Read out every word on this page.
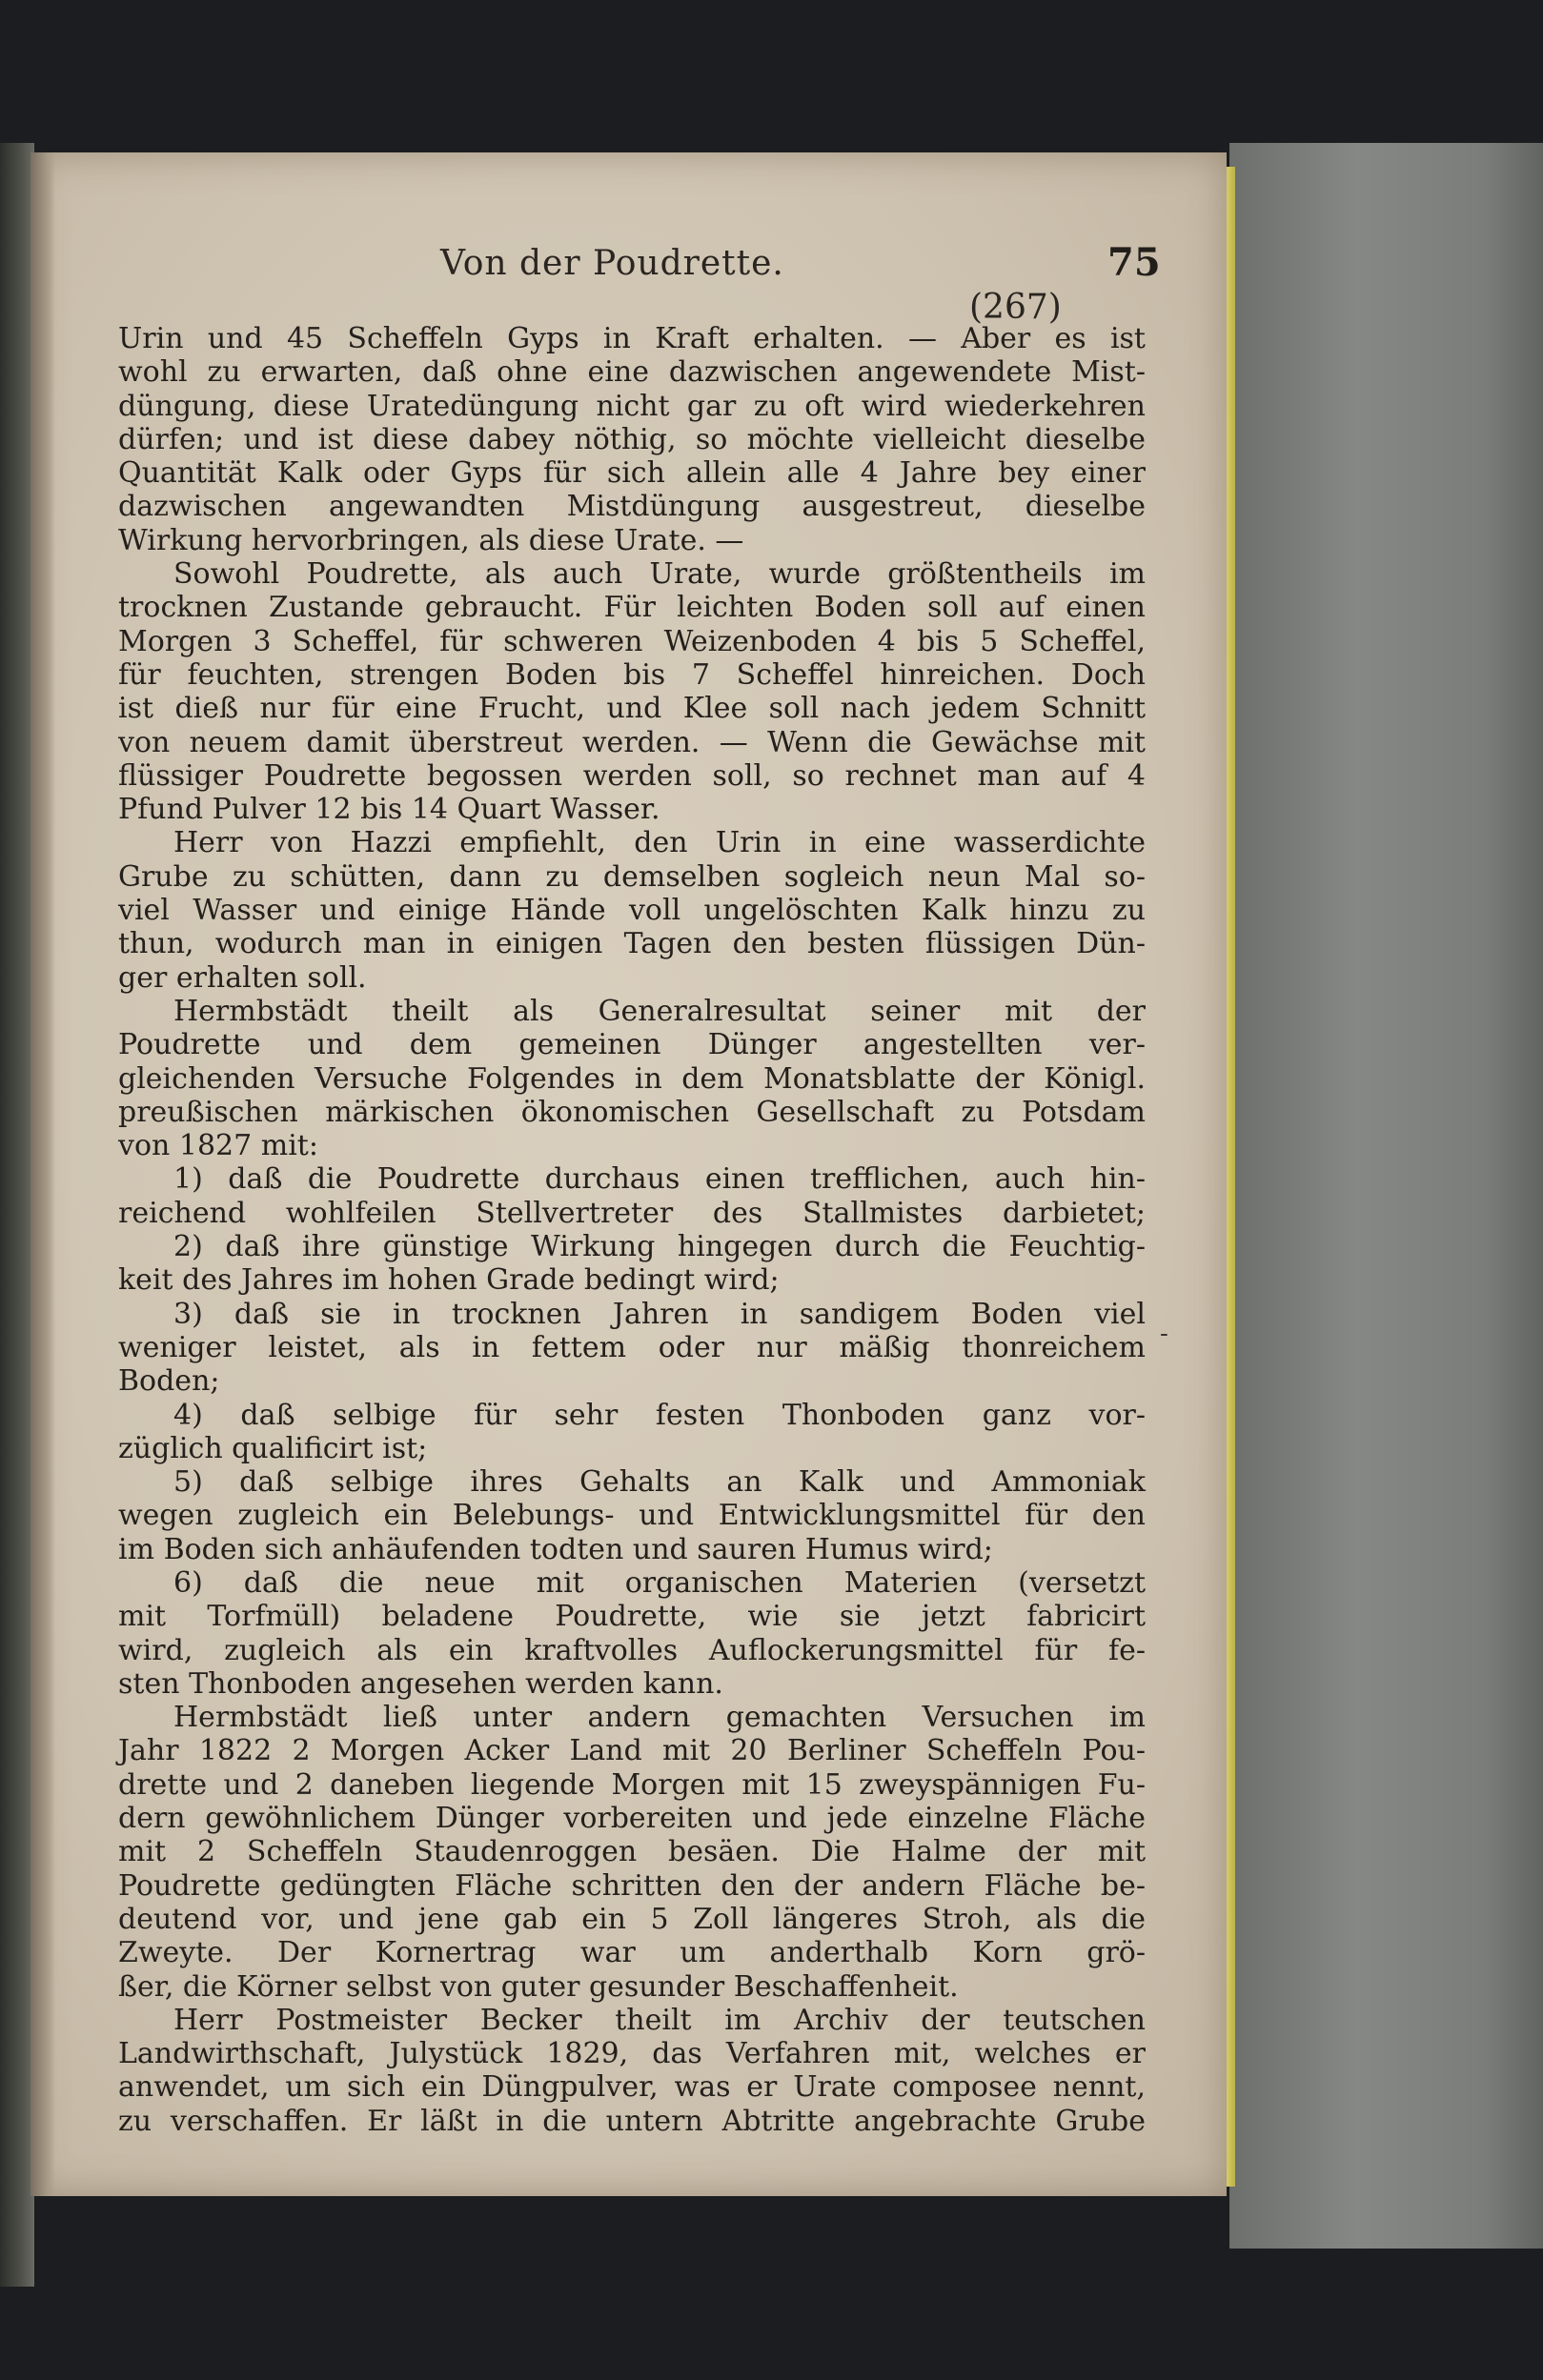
Von der Poudrette.	75
(267)
Urin und 45 Scheffeln Gyps in Kraft erhalten. — Aber es ist
wohl zu erwarten, daß ohne eine dazwischen angewendete Mist-
düngung, diese Uratedüngung nicht gar zu oft wird wiederkehren
dürfen; und ist diese dabey nöthig, so möchte vielleicht dieselbe
Quantität Kalk oder Gyps für sich allein alle 4 Jahre bey einer
dazwischen angewandten Mistdüngung ausgestreut, dieselbe
Wirkung hervorbringen, als diese Urate. —
Sowohl Poudrette, als auch Urate, wurde größtentheils im
trocknen Zustande gebraucht. Für leichten Boden soll auf einen
Morgen 3 Scheffel, für schweren Weizenboden 4 bis 5 Scheffel,
für feuchten, strengen Boden bis 7 Scheffel hinreichen. Doch
ist dieß nur für eine Frucht, und Klee soll nach jedem Schnitt
von neuem damit überstreut werden. — Wenn die Gewächse mit
flüssiger Poudrette begossen werden soll, so rechnet man auf 4
Pfund Pulver 12 bis 14 Quart Wasser.
Herr von Hazzi empfiehlt, den Urin in eine wasserdichte
Grube zu schütten, dann zu demselben sogleich neun Mal so-
viel Wasser und einige Hände voll ungelöschten Kalk hinzu zu
thun, wodurch man in einigen Tagen den besten flüssigen Dün-
ger erhalten soll.
Hermbstädt theilt als Generalresultat seiner mit der
Poudrette und dem gemeinen Dünger angestellten ver-
gleichenden Versuche Folgendes in dem Monatsblatte der Königl.
preußischen märkischen ökonomischen Gesellschaft zu Potsdam
von 1827 mit:
1) daß die Poudrette durchaus einen trefflichen, auch hin-
reichend wohlfeilen Stellvertreter des Stallmistes darbietet;
2) daß ihre günstige Wirkung hingegen durch die Feuchtig-
keit des Jahres im hohen Grade bedingt wird;
3) daß sie in trocknen Jahren in sandigem Boden viel
weniger leistet, als in fettem oder nur mäßig thonreichem
Boden;
4) daß selbige für sehr festen Thonboden ganz vor-
züglich qualificirt ist;
5) daß selbige ihres Gehalts an Kalk und Ammoniak
wegen zugleich ein Belebungs- und Entwicklungsmittel für den
im Boden sich anhäufenden todten und sauren Humus wird;
6) daß die neue mit organischen Materien (versetzt
mit Torfmüll) beladene Poudrette, wie sie jetzt fabricirt
wird, zugleich als ein kraftvolles Auflockerungsmittel für fe-
sten Thonboden angesehen werden kann.
Hermbstädt ließ unter andern gemachten Versuchen im
Jahr 1822 2 Morgen Acker Land mit 20 Berliner Scheffeln Pou-
drette und 2 daneben liegende Morgen mit 15 zweyspännigen Fu-
dern gewöhnlichem Dünger vorbereiten und jede einzelne Fläche
mit 2 Scheffeln Staudenroggen besäen. Die Halme der mit
Poudrette gedüngten Fläche schritten den der andern Fläche be-
deutend vor, und jene gab ein 5 Zoll längeres Stroh, als die
Zweyte. Der Kornertrag war um anderthalb Korn grö-
ßer, die Körner selbst von guter gesunder Beschaffenheit.
Herr Postmeister Becker theilt im Archiv der teutschen
Landwirthschaft, Julystück 1829, das Verfahren mit, welches er
anwendet, um sich ein Düngpulver, was er Urate composee nennt,
zu verschaffen. Er läßt in die untern Abtritte angebrachte Grube
-
